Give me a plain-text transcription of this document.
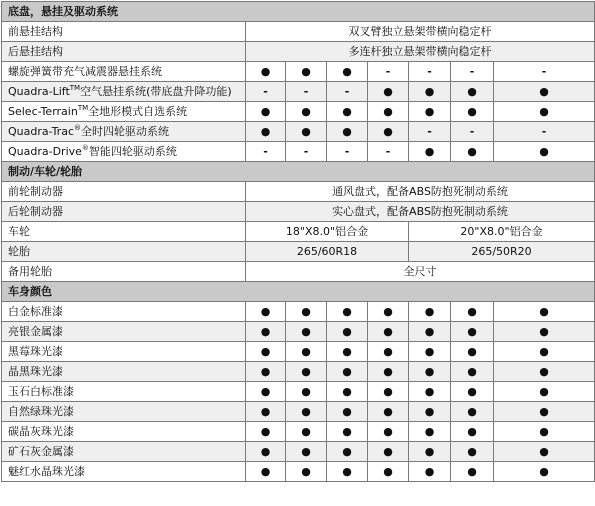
底盘，悬挂及驱动系统							
前悬挂结构	双叉臂独立悬架带横向稳定杆						
后悬挂结构	多连杆独立悬架带横向稳定杆						
螺旋弹簧带充气减震器悬挂系统	●	●	●	-	-	-	-
Quadra-Lift™空气悬挂系统(带底盘升降功能)	-	-	-	●	●	●	●
Selec-Terrain™全地形模式自选系统	●	●	●	●	●	●	●
Quadra-Trac®全时四轮驱动系统	●	●	●	●	-	-	-
Quadra-Drive®智能四轮驱动系统	-	-	-	-	●	●	●
制动/车轮/轮胎							
前轮制动器	通风盘式，配备ABS防抱死制动系统						
后轮制动器	实心盘式，配备ABS防抱死制动系统						
车轮	18"X8.0"铝合金				20"X8.0"铝合金		
轮胎	265/60R18				265/50R20		
备用轮胎	全尺寸						
车身颜色							
白金标准漆	●	●	●	●	●	●	●
亮银金属漆	●	●	●	●	●	●	●
黑莓珠光漆	●	●	●	●	●	●	●
晶黑珠光漆	●	●	●	●	●	●	●
玉石白标准漆	●	●	●	●	●	●	●
自然绿珠光漆	●	●	●	●	●	●	●
碳晶灰珠光漆	●	●	●	●	●	●	●
矿石灰金属漆	●	●	●	●	●	●	●
魅红水晶珠光漆	●	●	●	●	●	●	●
